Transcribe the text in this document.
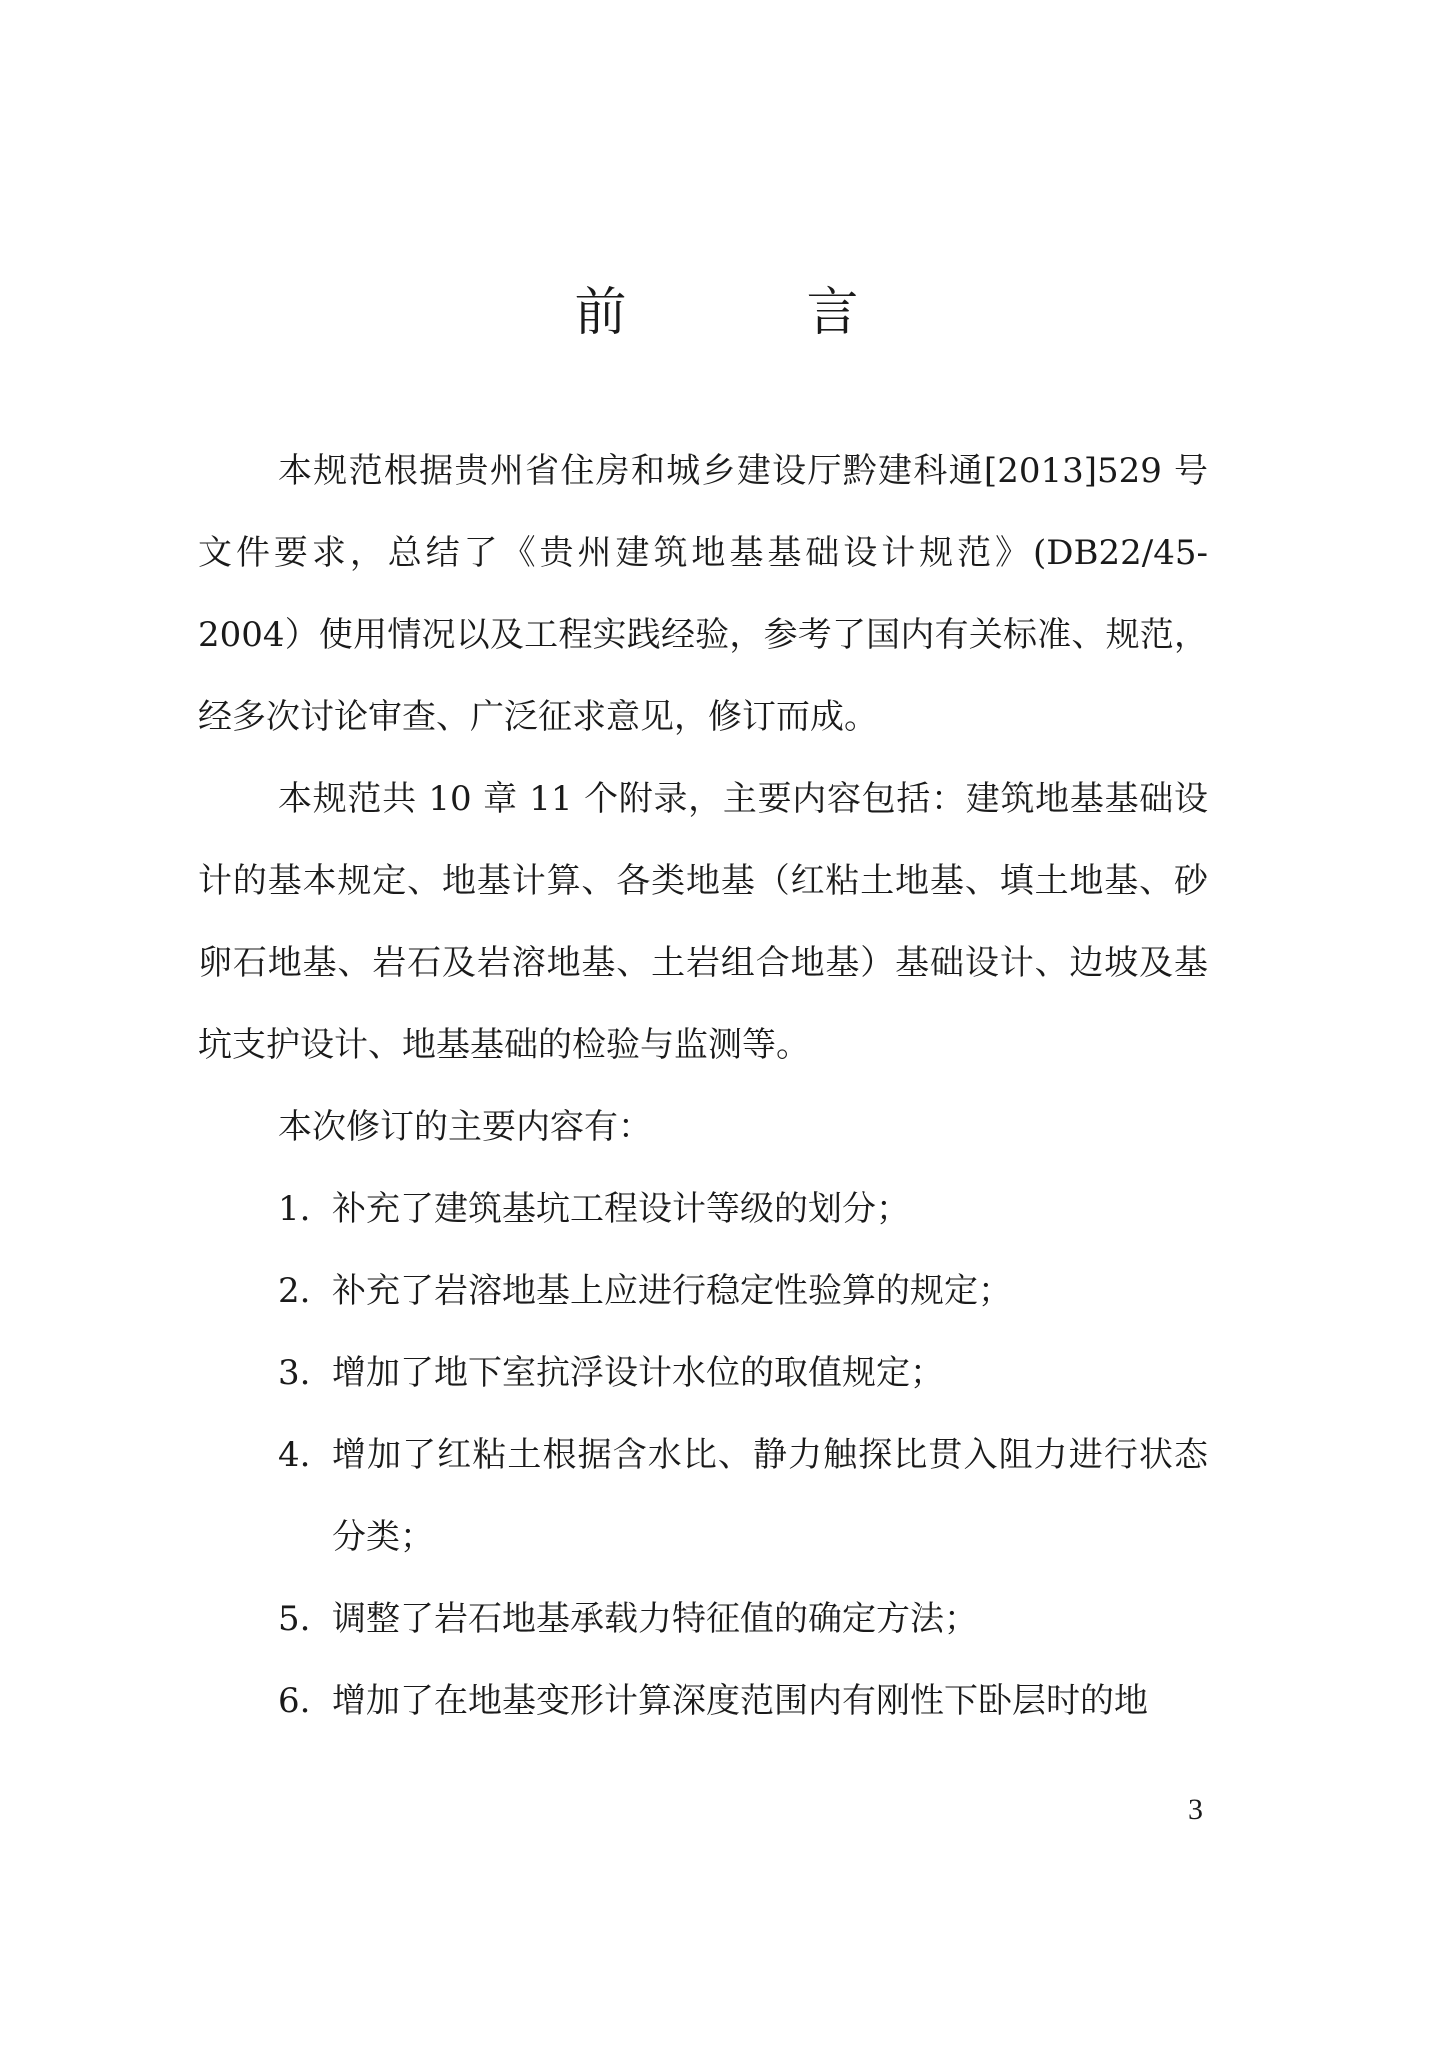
前　言

本规范根据贵州省住房和城乡建设厅黔建科通[2013]529 号文件要求，总结了《贵州建筑地基基础设计规范》(DB22/45-2004）使用情况以及工程实践经验，参考了国内有关标准、规范，经多次讨论审查、广泛征求意见，修订而成。

本规范共 10 章 11 个附录，主要内容包括：建筑地基基础设计的基本规定、地基计算、各类地基（红粘土地基、填土地基、砂卵石地基、岩石及岩溶地基、土岩组合地基）基础设计、边坡及基坑支护设计、地基基础的检验与监测等。

本次修订的主要内容有：

1. 补充了建筑基坑工程设计等级的划分；
2. 补充了岩溶地基上应进行稳定性验算的规定；
3. 增加了地下室抗浮设计水位的取值规定；
4. 增加了红粘土根据含水比、静力触探比贯入阻力进行状态分类；
5. 调整了岩石地基承载力特征值的确定方法；
6. 增加了在地基变形计算深度范围内有刚性下卧层时的地
3
